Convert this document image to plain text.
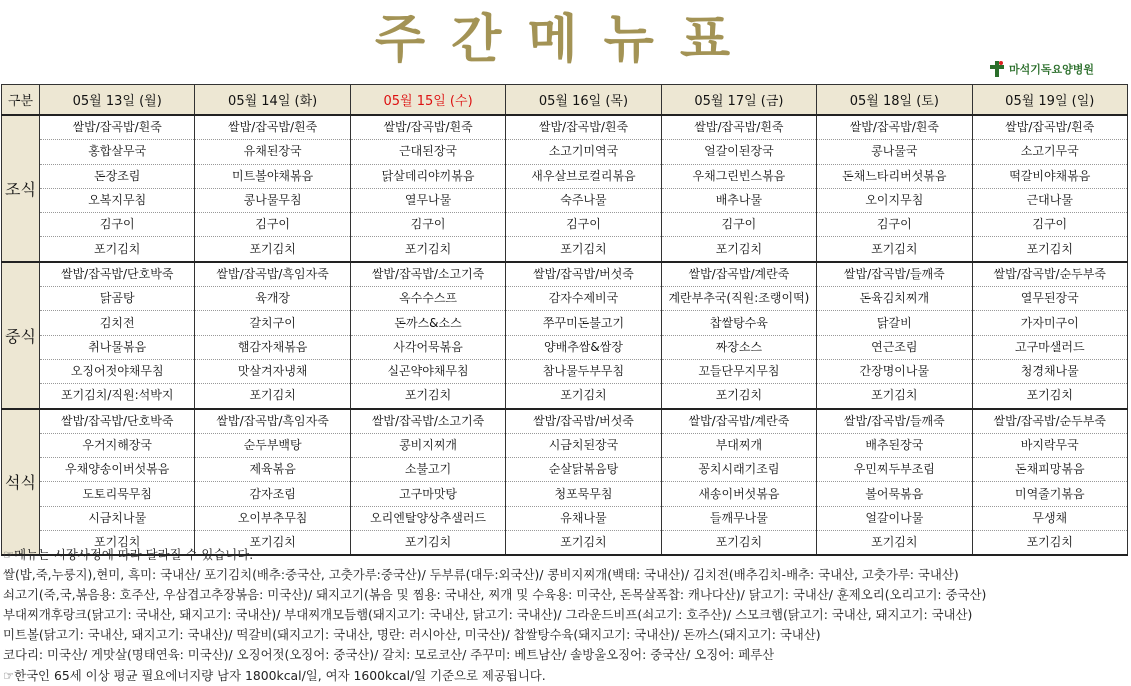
주간메뉴표	마석기독요양병원
구분	05월 13일 (월)	05월 14일 (화)	05월 15일 (수)	05월 16일 (목)	05월 17일 (금)	05월 18일 (토)	05월 19일 (일)
조식	쌀밥/잡곡밥/흰죽	쌀밥/잡곡밥/흰죽	쌀밥/잡곡밥/흰죽	쌀밥/잡곡밥/흰죽	쌀밥/잡곡밥/흰죽	쌀밥/잡곡밥/흰죽	쌀밥/잡곡밥/흰죽
	홍합살무국	유채된장국	근대된장국	소고기미역국	얼갈이된장국	콩나물국	소고기무국
	돈장조림	미트볼야채볶음	닭살데리야끼볶음	새우살브로컬리볶음	우채그린빈스볶음	돈채느타리버섯볶음	떡갈비야채볶음
	오복지무침	콩나물무침	열무나물	숙주나물	배추나물	오이지무침	근대나물
	김구이	김구이	김구이	김구이	김구이	김구이	김구이
	포기김치	포기김치	포기김치	포기김치	포기김치	포기김치	포기김치
중식	쌀밥/잡곡밥/단호박죽	쌀밥/잡곡밥/흑임자죽	쌀밥/잡곡밥/소고기죽	쌀밥/잡곡밥/버섯죽	쌀밥/잡곡밥/계란죽	쌀밥/잡곡밥/들깨죽	쌀밥/잡곡밥/순두부죽
	닭곰탕	육개장	옥수수스프	감자수제비국	계란부추국(직원:조랭이떡)	돈육김치찌개	열무된장국
	김치전	갈치구이	돈까스&소스	쭈꾸미돈불고기	찹쌀탕수육	닭갈비	가자미구이
	취나물볶음	햄감자채볶음	사각어묵볶음	양배추쌈&쌈장	짜장소스	연근조림	고구마샐러드
	오징어젓야채무침	맛살겨자냉채	실곤약야채무침	참나물두부무침	꼬들단무지무침	간장명이나물	청경채나물
	포기김치/직원:석박지	포기김치	포기김치	포기김치	포기김치	포기김치	포기김치
석식	쌀밥/잡곡밥/단호박죽	쌀밥/잡곡밥/흑임자죽	쌀밥/잡곡밥/소고기죽	쌀밥/잡곡밥/버섯죽	쌀밥/잡곡밥/계란죽	쌀밥/잡곡밥/들깨죽	쌀밥/잡곡밥/순두부죽
	우거지해장국	순두부백탕	콩비지찌개	시금치된장국	부대찌개	배추된장국	바지락무국
	우채양송이버섯볶음	제육볶음	소불고기	순살닭볶음탕	꽁치시래기조림	우민찌두부조림	돈채피망볶음
	도토리묵무침	감자조림	고구마맛탕	청포묵무침	새송이버섯볶음	볼어묵볶음	미역줄기볶음
	시금치나물	오이부추무침	오리엔탈양상추샐러드	유채나물	들깨무나물	얼갈이나물	무생채
	포기김치	포기김치	포기김치	포기김치	포기김치	포기김치	포기김치
☞메뉴는 시장사정에 따라 달라질 수 있습니다.
쌀(밥,죽,누룽지),현미, 흑미: 국내산/ 포기김치(배추:중국산, 고춧가루:중국산)/ 두부류(대두:외국산)/ 콩비지찌개(백태: 국내산)/ 김치전(배추김치-배추: 국내산, 고춧가루: 국내산)
쇠고기(죽,국,볶음용: 호주산, 우삼겹고추장볶음: 미국산)/ 돼지고기(볶음 및 찜용: 국내산, 찌개 및 수육용: 미국산, 돈목살폭찹: 캐나다산)/ 닭고기: 국내산/ 훈제오리(오리고기: 중국산)
부대찌개후랑크(닭고기: 국내산, 돼지고기: 국내산)/ 부대찌개모듬햄(돼지고기: 국내산, 닭고기: 국내산)/ 그라운드비프(쇠고기: 호주산)/ 스모크햄(닭고기: 국내산, 돼지고기: 국내산)
미트볼(닭고기: 국내산, 돼지고기: 국내산)/ 떡갈비(돼지고기: 국내산, 명란: 러시아산, 미국산)/ 찹쌀탕수육(돼지고기: 국내산)/ 돈까스(돼지고기: 국내산)
코다리: 미국산/ 게맛살(명태연육: 미국산)/ 오징어젓(오징어: 중국산)/ 갈치: 모로코산/ 주꾸미: 베트남산/ 솔방울오징어: 중국산/ 오징어: 페루산
☞한국인 65세 이상 평균 필요에너지량 남자 1800kcal/일, 여자 1600kcal/일 기준으로 제공됩니다.
